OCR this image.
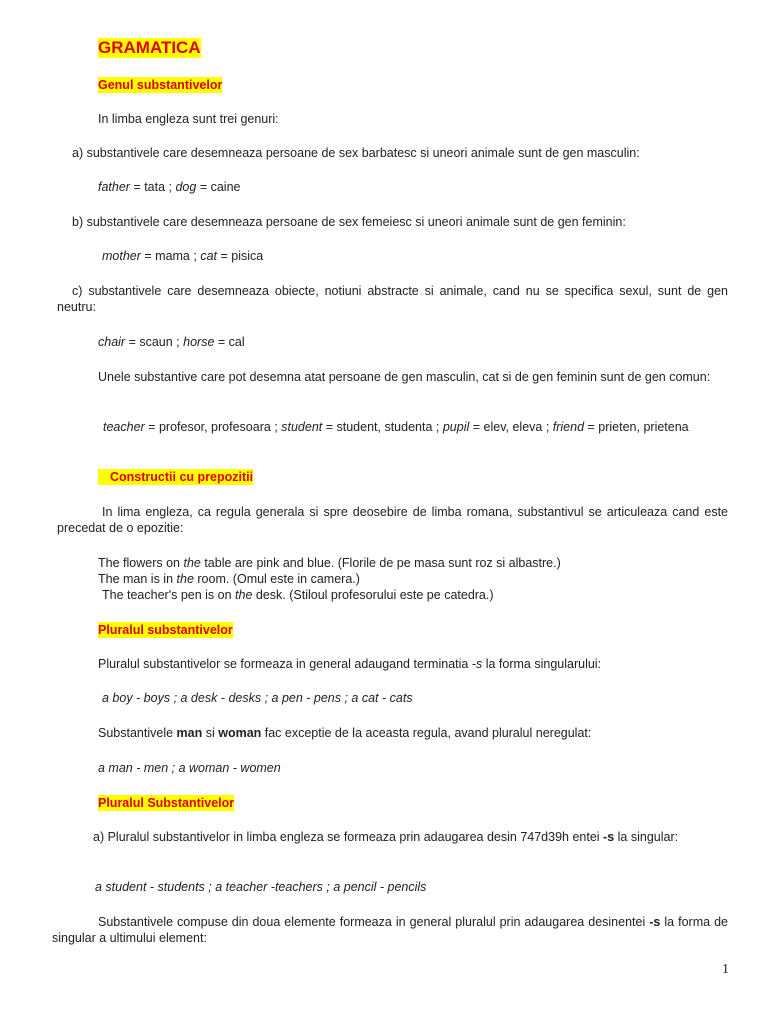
GRAMATICA
Genul substantivelor
In limba engleza sunt trei genuri:
a) substantivele care desemneaza persoane de sex barbatesc si uneori animale sunt de gen masculin:
father = tata ; dog = caine
b) substantivele care desemneaza persoane de sex femeiesc si uneori animale sunt de gen feminin:
mother = mama ; cat = pisica
c) substantivele care desemneaza obiecte, notiuni abstracte si animale, cand nu se specifica sexul, sunt de gen neutru:
chair = scaun ; horse = cal
Unele substantive care pot desemna atat persoane de gen masculin, cat si de gen feminin sunt de gen comun:
teacher = profesor, profesoara ; student = student, studenta ; pupil = elev, eleva ; friend = prieten, prietena
Constructii cu prepozitii
In lima engleza, ca regula generala si spre deosebire de limba romana, substantivul se articuleaza cand este precedat de o epozitie:
The flowers on the table are pink and blue. (Florile de pe masa sunt roz si albastre.)
The man is in the room. (Omul este in camera.)
The teacher's pen is on the desk. (Stiloul profesorului este pe catedra.)
Pluralul substantivelor
Pluralul substantivelor se formeaza in general adaugand terminatia -s la forma singularului:
a boy - boys ; a desk - desks ; a pen - pens ; a cat - cats
Substantivele man si woman fac exceptie de la aceasta regula, avand pluralul neregulat:
a man - men ; a woman - women
Pluralul Substantivelor
a) Pluralul substantivelor in limba engleza se formeaza prin adaugarea desin 747d39h entei -s la singular:
a student - students ; a teacher -teachers ; a pencil - pencils
Substantivele compuse din doua elemente formeaza in general pluralul prin adaugarea desinentei -s la forma de singular a ultimului element:
1
